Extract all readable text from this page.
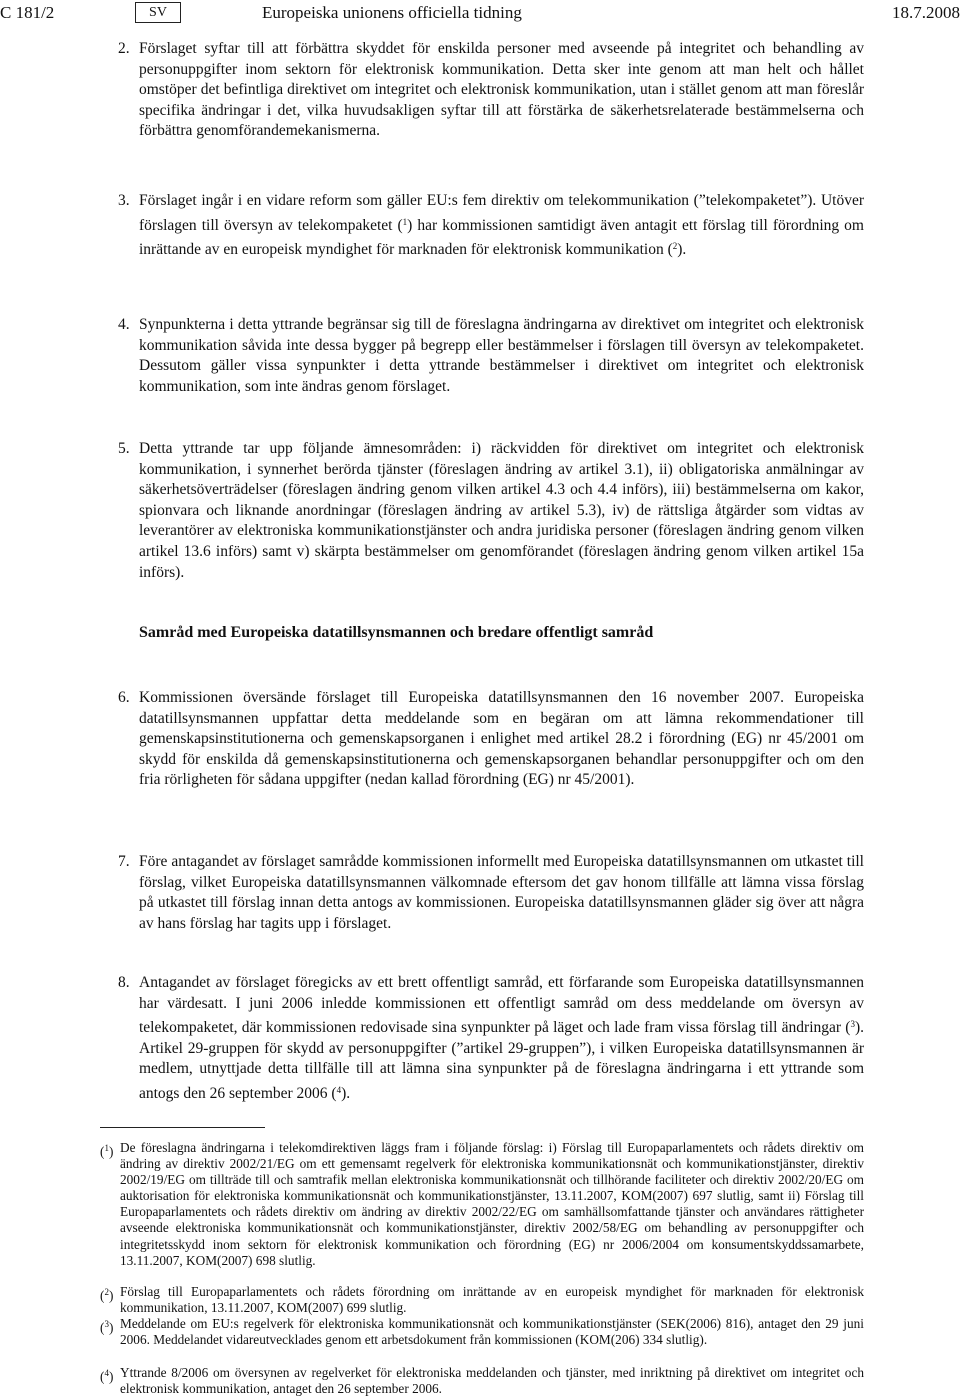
C 181/2	SV	Europeiska unionens officiella tidning	18.7.2008
2. Förslaget syftar till att förbättra skyddet för enskilda personer med avseende på integritet och behandling av personuppgifter inom sektorn för elektronisk kommunikation. Detta sker inte genom att man helt och hållet omstöper det befintliga direktivet om integritet och elektronisk kommunikation, utan i stället genom att man föreslår specifika ändringar i det, vilka huvudsakligen syftar till att förstärka de säkerhetsrelaterade bestämmelserna och förbättra genomförandemekanismerna.
3. Förslaget ingår i en vidare reform som gäller EU:s fem direktiv om telekommunikation (”telekompaketet”). Utöver förslagen till översyn av telekompaketet ($^1$) har kommissionen samtidigt även antagit ett förslag till förordning om inrättande av en europeisk myndighet för marknaden för elektronisk kommunikation ($^2$).
4. Synpunkterna i detta yttrande begränsar sig till de föreslagna ändringarna av direktivet om integritet och elektronisk kommunikation såvida inte dessa bygger på begrepp eller bestämmelser i förslagen till översyn av telekompaketet. Dessutom gäller vissa synpunkter i detta yttrande bestämmelser i direktivet om integritet och elektronisk kommunikation, som inte ändras genom förslaget.
5. Detta yttrande tar upp följande ämnesområden: i) räckvidden för direktivet om integritet och elektronisk kommunikation, i synnerhet berörda tjänster (föreslagen ändring av artikel 3.1), ii) obligatoriska anmälningar av säkerhetsöverträdelser (föreslagen ändring genom vilken artikel 4.3 och 4.4 införs), iii) bestämmelserna om kakor, spionvara och liknande anordningar (föreslagen ändring av artikel 5.3), iv) de rättsliga åtgärder som vidtas av leverantörer av elektroniska kommunikationstjänster och andra juridiska personer (föreslagen ändring genom vilken artikel 13.6 införs) samt v) skärpta bestämmelser om genomförandet (föreslagen ändring genom vilken artikel 15a införs).
Samråd med Europeiska datatillsynsmannen och bredare offentligt samråd
6. Kommissionen översände förslaget till Europeiska datatillsynsmannen den 16 november 2007. Europeiska datatillsynsmannen uppfattar detta meddelande som en begäran om att lämna rekommendationer till gemenskapsinstitutionerna och gemenskapsorganen i enlighet med artikel 28.2 i förordning (EG) nr 45/2001 om skydd för enskilda då gemenskapsinstitutionerna och gemenskapsorganen behandlar personuppgifter och om den fria rörligheten för sådana uppgifter (nedan kallad förordning (EG) nr 45/2001).
7. Före antagandet av förslaget samrådde kommissionen informellt med Europeiska datatillsynsmannen om utkastet till förslag, vilket Europeiska datatillsynsmannen välkomnade eftersom det gav honom tillfälle att lämna vissa förslag på utkastet till förslag innan detta antogs av kommissionen. Europeiska datatillsynsmannen gläder sig över att några av hans förslag har tagits upp i förslaget.
8. Antagandet av förslaget föregicks av ett brett offentligt samråd, ett förfarande som Europeiska datatillsynsmannen har värdesatt. I juni 2006 inledde kommissionen ett offentligt samråd om dess meddelande om översyn av telekompaketet, där kommissionen redovisade sina synpunkter på läget och lade fram vissa förslag till ändringar ($^3$). Artikel 29-gruppen för skydd av personuppgifter (”artikel 29-gruppen”), i vilken Europeiska datatillsynsmannen är medlem, utnyttjade detta tillfälle till att lämna sina synpunkter på de föreslagna ändringarna i ett yttrande som antogs den 26 september 2006 ($^4$).
($^1$) De föreslagna ändringarna i telekomdirektiven läggs fram i följande förslag: i) Förslag till Europaparlamentets och rådets direktiv om ändring av direktiv 2002/21/EG om ett gemensamt regelverk för elektroniska kommunikationsnät och kommunikationstjänster, direktiv 2002/19/EG om tillträde till och samtrafik mellan elektroniska kommunikationsnät och tillhörande faciliteter och direktiv 2002/20/EG om auktorisation för elektroniska kommunikationsnät och kommunikationstjänster, 13.11.2007, KOM(2007) 697 slutlig, samt ii) Förslag till Europaparlamentets och rådets direktiv om ändring av direktiv 2002/22/EG om samhällsomfattande tjänster och användares rättigheter avseende elektroniska kommunikationsnät och kommunikationstjänster, direktiv 2002/58/EG om behandling av personuppgifter och integritetsskydd inom sektorn för elektronisk kommunikation och förordning (EG) nr 2006/2004 om konsumentskyddssamarbete, 13.11.2007, KOM(2007) 698 slutlig.
($^2$) Förslag till Europaparlamentets och rådets förordning om inrättande av en europeisk myndighet för marknaden för elektronisk kommunikation, 13.11.2007, KOM(2007) 699 slutlig.
($^3$) Meddelande om EU:s regelverk för elektroniska kommunikationsnät och kommunikationstjänster (SEK(2006) 816), antaget den 29 juni 2006. Meddelandet vidareutvecklades genom ett arbetsdokument från kommissionen (KOM(206) 334 slutlig).
($^4$) Yttrande 8/2006 om översynen av regelverket för elektroniska meddelanden och tjänster, med inriktning på direktivet om integritet och elektronisk kommunikation, antaget den 26 september 2006.
